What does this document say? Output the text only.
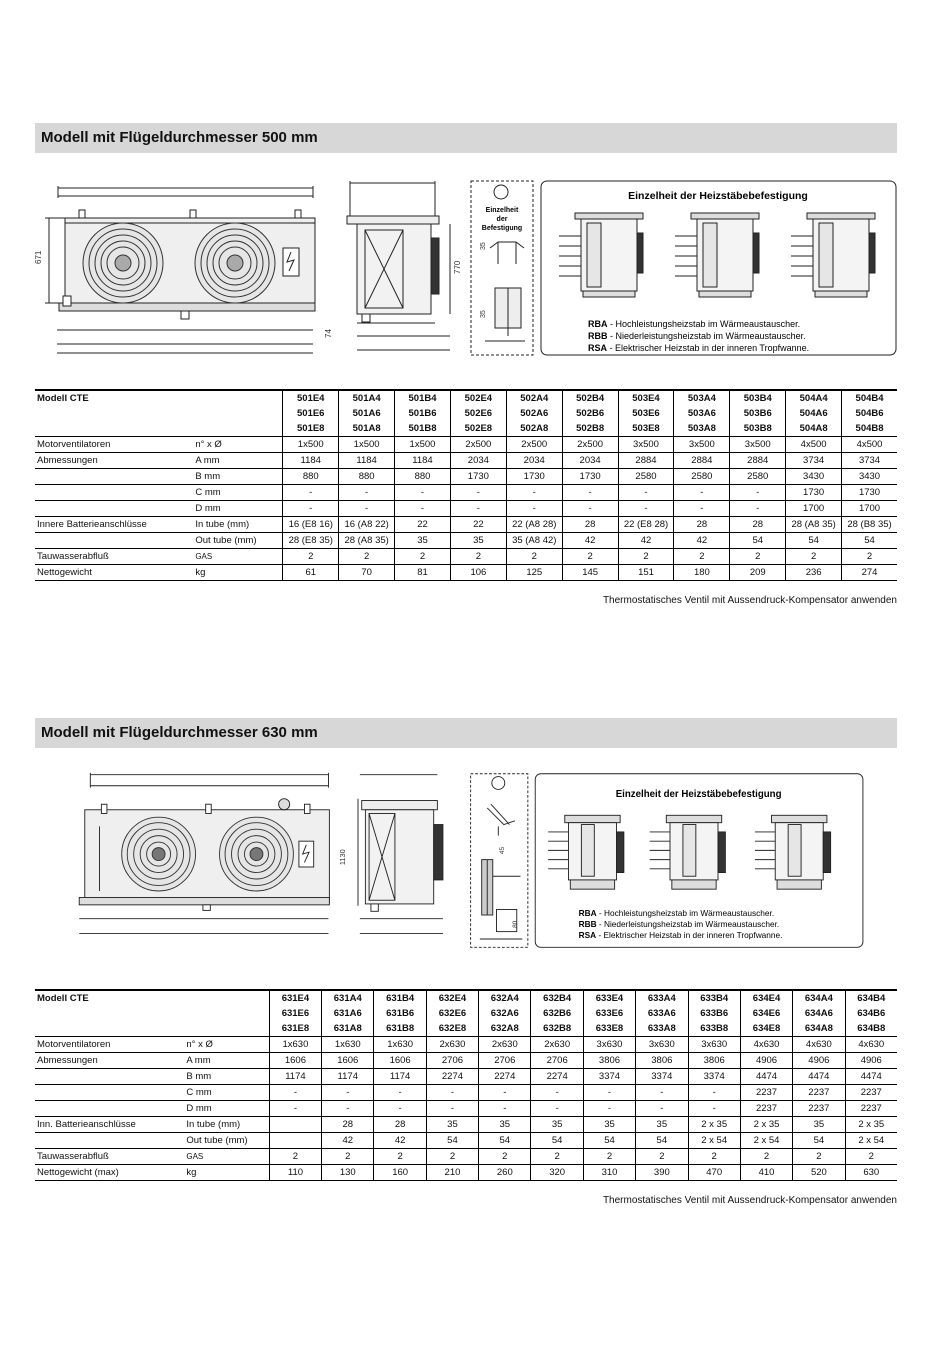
Modell mit Flügeldurchmesser 500 mm
671
770
74
Einzelheit der Befestigung
35
35
Einzelheit der Heizstäbebefestigung
RBA - Hochleistungsheizstab im Wärmeaustauscher.
RBB - Niederleistungsheizstab im Wärmeaustauscher.
RSA - Elektrischer Heizstab in der inneren Tropfwanne.
Modell CTE		501E4	501A4	501B4	502E4	502A4	502B4	503E4	503A4	503B4	504A4	504B4
		501E6	501A6	501B6	502E6	502A6	502B6	503E6	503A6	503B6	504A6	504B6
		501E8	501A8	501B8	502E8	502A8	502B8	503E8	503A8	503B8	504A8	504B8
Motorventilatoren	n° x Ø	1x500	1x500	1x500	2x500	2x500	2x500	3x500	3x500	3x500	4x500	4x500
Abmessungen	A mm	1184	1184	1184	2034	2034	2034	2884	2884	2884	3734	3734
	B mm	880	880	880	1730	1730	1730	2580	2580	2580	3430	3430
	C mm	-	-	-	-	-	-	-	-	-	1730	1730
	D mm	-	-	-	-	-	-	-	-	-	1700	1700
Innere Batterieanschlüsse	In tube (mm)	16 (E8 16)	16 (A8 22)	22	22	22 (A8 28)	28	22 (E8 28)	28	28	28 (A8 35)	28 (B8 35)
	Out tube (mm)	28 (E8 35)	28 (A8 35)	35	35	35 (A8 42)	42	42	42	54	54	54
Tauwasserabfluß	GAS	2	2	2	2	2	2	2	2	2	2	2
Nettogewicht	kg	61	70	81	106	125	145	151	180	209	236	274
Thermostatisches Ventil mit Aussendruck-Kompensator anwenden
Modell mit Flügeldurchmesser 630 mm
1130	45
80
Einzelheit der Heizstäbebefestigung
RBA - Hochleistungsheizstab im Wärmeaustauscher.
RBB - Niederleistungsheizstab im Wärmeaustauscher.
RSA - Elektrischer Heizstab in der inneren Tropfwanne.
Modell CTE		631E4	631A4	631B4	632E4	632A4	632B4	633E4	633A4	633B4	634E4	634A4	634B4
		631E6	631A6	631B6	632E6	632A6	632B6	633E6	633A6	633B6	634E6	634A6	634B6
		631E8	631A8	631B8	632E8	632A8	632B8	633E8	633A8	633B8	634E8	634A8	634B8
Motorventilatoren	n° x Ø	1x630	1x630	1x630	2x630	2x630	2x630	3x630	3x630	3x630	4x630	4x630	4x630
Abmessungen	A mm	1606	1606	1606	2706	2706	2706	3806	3806	3806	4906	4906	4906
	B mm	1174	1174	1174	2274	2274	2274	3374	3374	3374	4474	4474	4474
	C mm	-	-	-	-	-	-	-	-	-	2237	2237	2237
	D mm	-	-	-	-	-	-	-	-	-	2237	2237	2237
Inn. Batterieanschlüsse	In tube (mm)		28	28	35	35	35	35	35	2 x 35	2 x 35	35	2 x 35
	Out tube (mm)		42	42	54	54	54	54	54	2 x 54	2 x 54	54	2 x 54
Tauwasserabfluß	GAS	2	2	2	2	2	2	2	2	2	2	2	2
Nettogewicht (max)	kg	110	130	160	210	260	320	310	390	470	410	520	630
Thermostatisches Ventil mit Aussendruck-Kompensator anwenden
